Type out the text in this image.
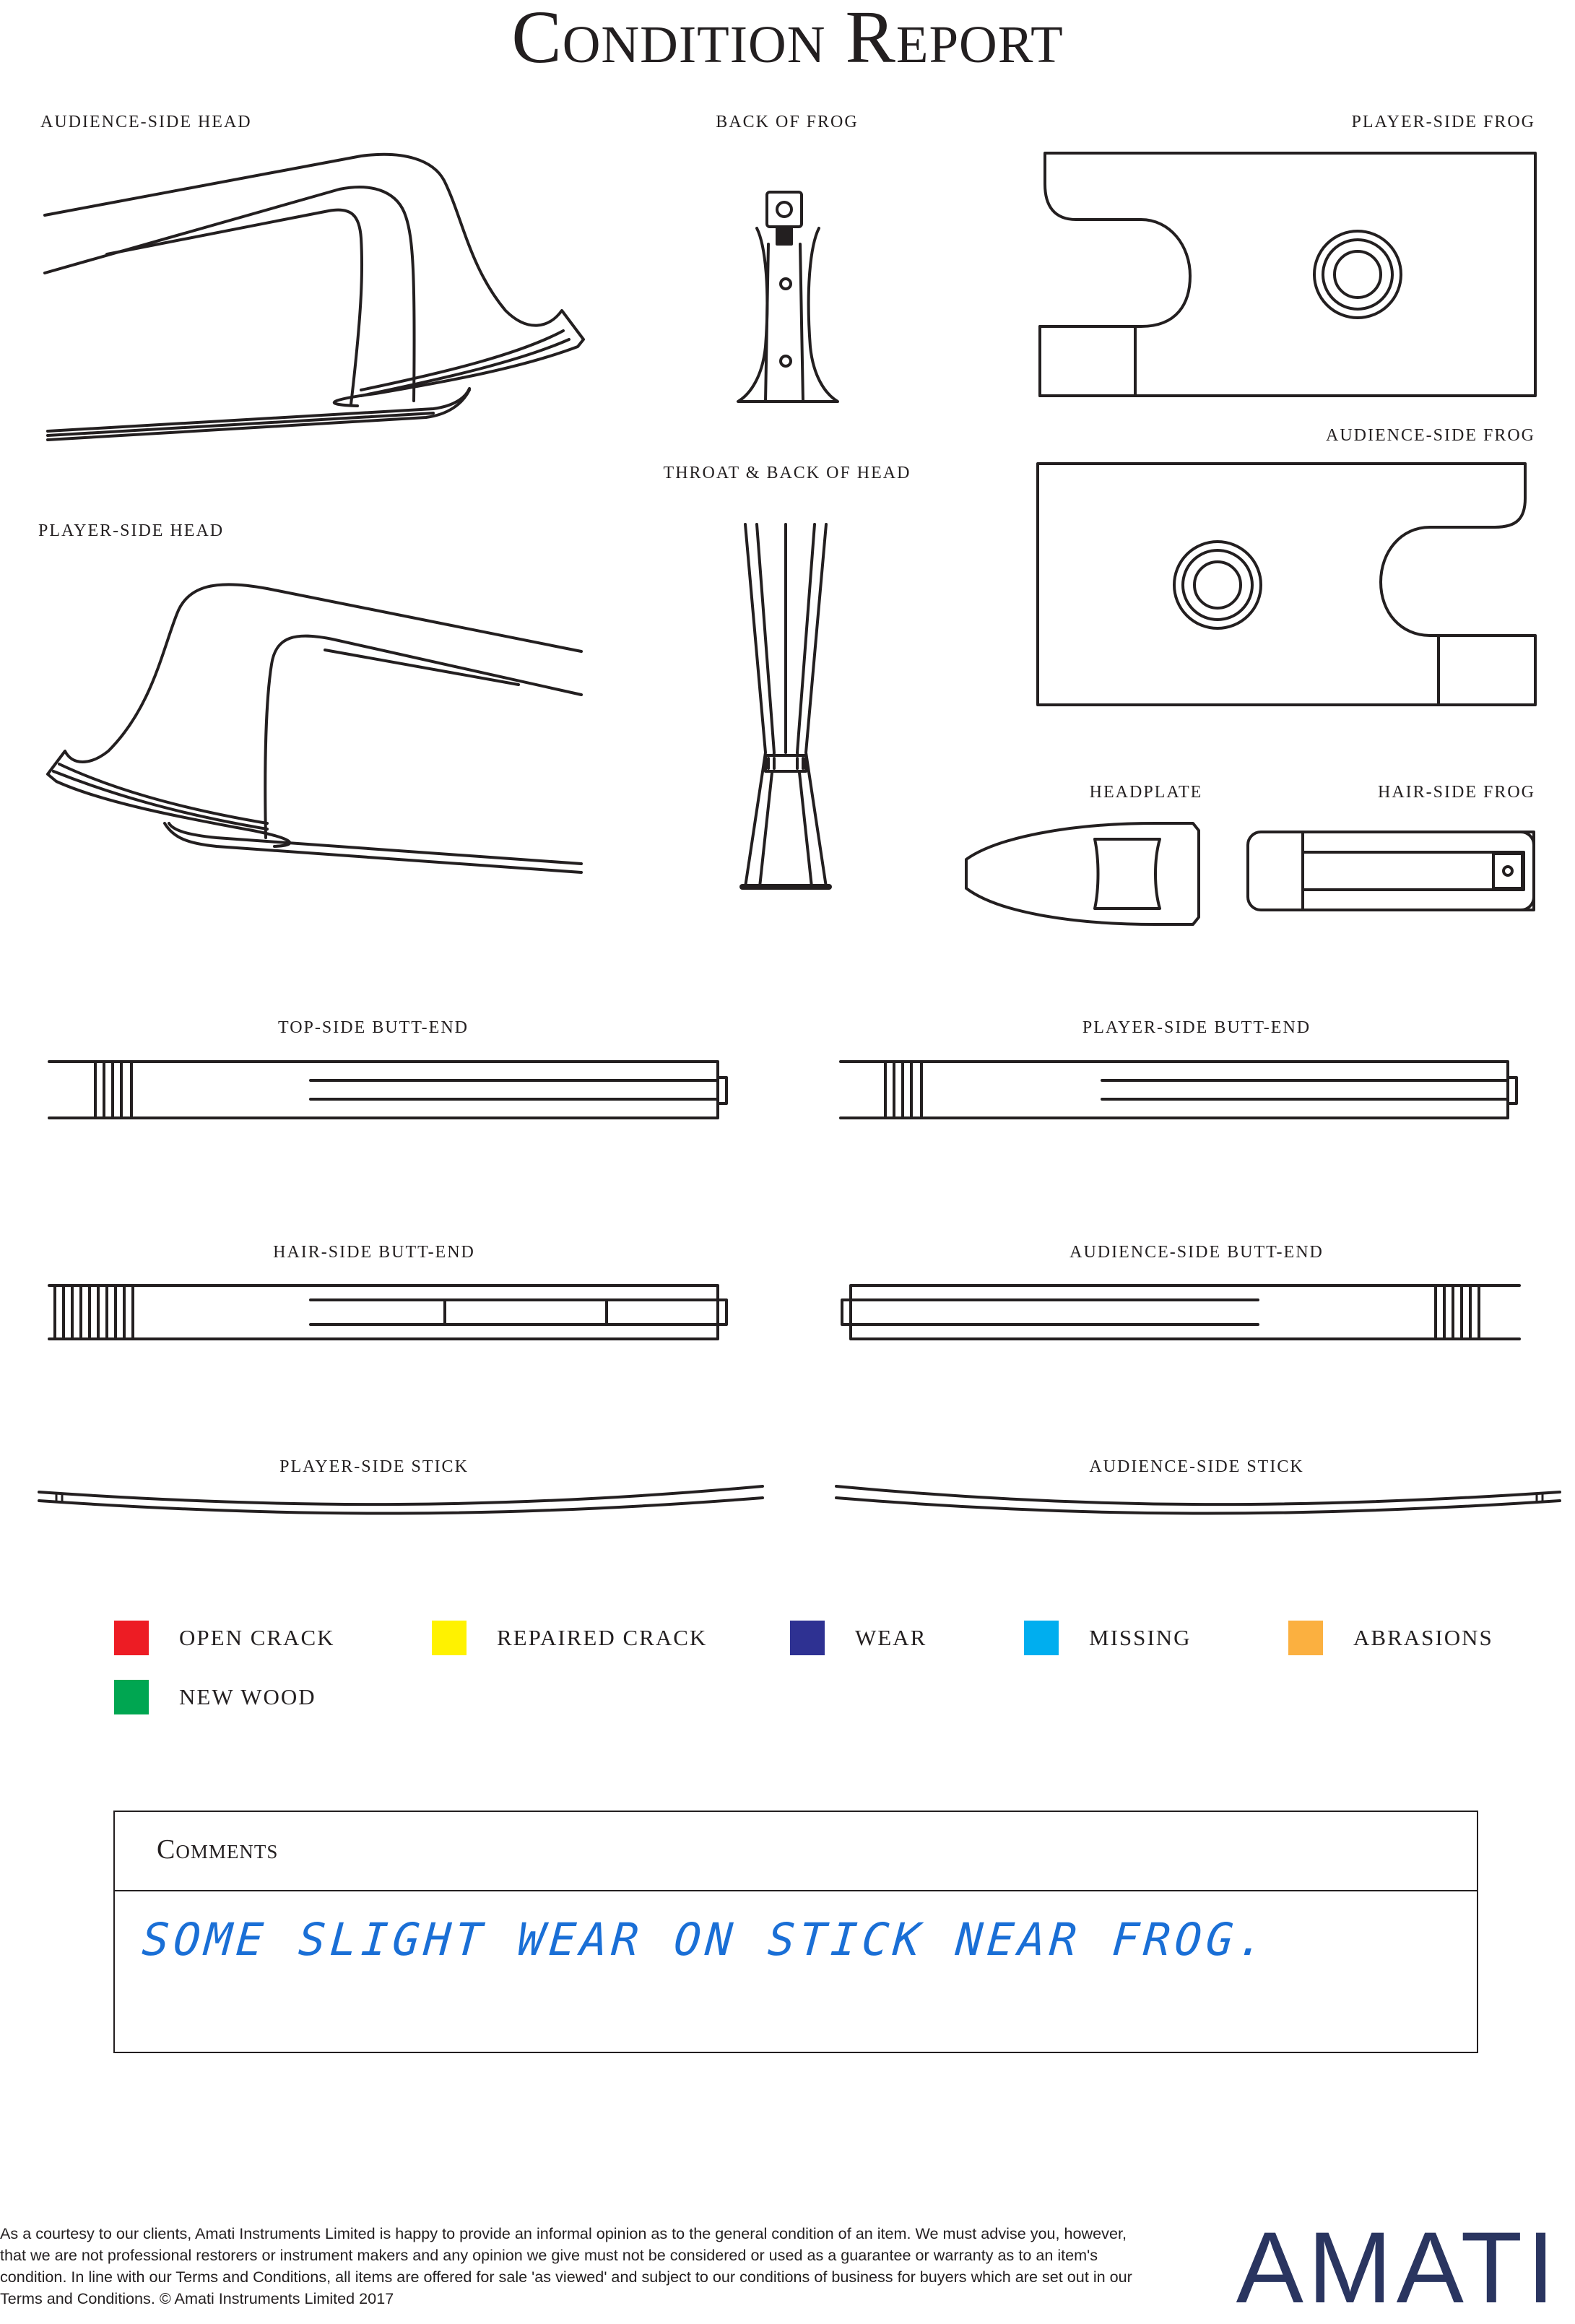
Condition Report
AUDIENCE-SIDE HEAD	BACK OF FROG	PLAYER-SIDE FROG
AUDIENCE-SIDE FROG
THROAT & BACK OF HEAD
PLAYER-SIDE HEAD
HEADPLATE	HAIR-SIDE FROG
TOP-SIDE BUTT-END	PLAYER-SIDE BUTT-END
HAIR-SIDE BUTT-END	AUDIENCE-SIDE BUTT-END
PLAYER-SIDE STICK	AUDIENCE-SIDE STICK
OPEN CRACK	REPAIRED CRACK	WEAR	MISSING	ABRASIONS
NEW WOOD
Comments
SOME SLIGHT WEAR ON STICK NEAR FROG.
As a courtesy to our clients, Amati Instruments Limited is happy to provide an informal opinion as to the general condition of an item. We must advise you, however, that we are not professional restorers or instrument makers and any opinion we give must not be considered or used as a guarantee or warranty as to an item's condition. In line with our Terms and Conditions, all items are offered for sale 'as viewed' and subject to our conditions of business for buyers which are set out in our Terms and Conditions. © Amati Instruments Limited 2017	AMATI
